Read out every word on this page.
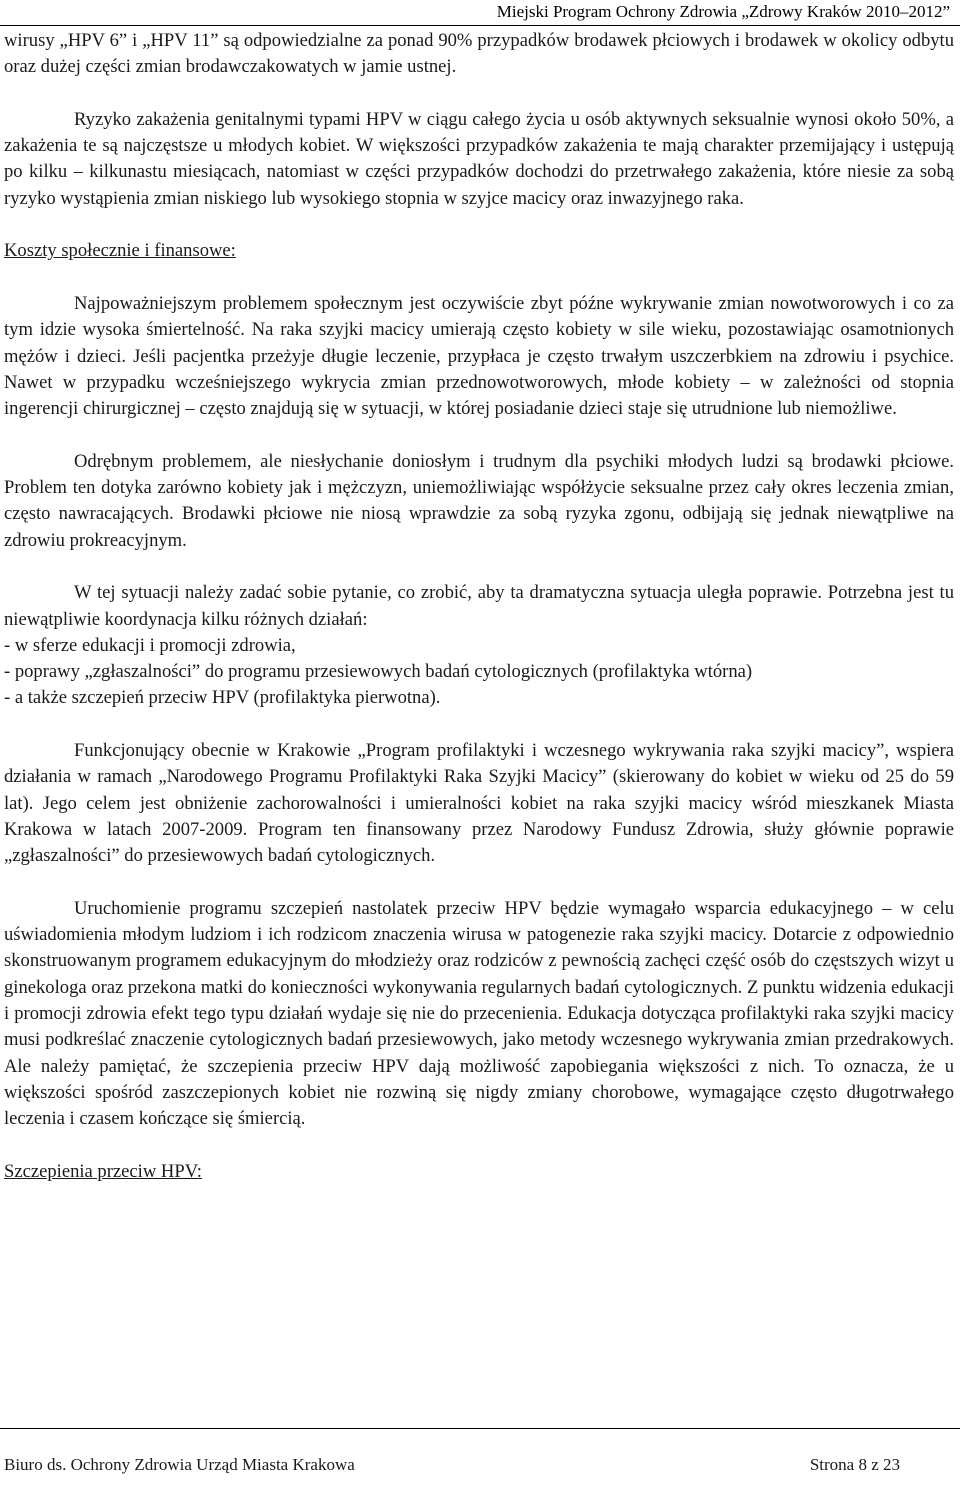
Miejski Program Ochrony Zdrowia „Zdrowy Kraków 2010–2012”

wirusy „HPV 6” i „HPV 11” są odpowiedzialne za ponad 90% przypadków brodawek płciowych i brodawek w okolicy odbytu oraz dużej części zmian brodawczakowatych w jamie ustnej.

Ryzyko zakażenia genitalnymi typami HPV w ciągu całego życia u osób aktywnych seksualnie wynosi około 50%, a zakażenia te są najczęstsze u młodych kobiet. W większości przypadków zakażenia te mają charakter przemijający i ustępują po kilku – kilkunastu miesiącach, natomiast w części przypadków dochodzi do przetrwałego zakażenia, które niesie za sobą ryzyko wystąpienia zmian niskiego lub wysokiego stopnia w szyjce macicy oraz inwazyjnego raka.

Koszty społecznie i finansowe:

Najpoważniejszym problemem społecznym jest oczywiście zbyt późne wykrywanie zmian nowotworowych i co za tym idzie wysoka śmiertelność. Na raka szyjki macicy umierają często kobiety w sile wieku, pozostawiając osamotnionych mężów i dzieci. Jeśli pacjentka przeżyje długie leczenie, przypłaca je często trwałym uszczerbkiem na zdrowiu i psychice. Nawet w przypadku wcześniejszego wykrycia zmian przednowotworowych, młode kobiety – w zależności od stopnia ingerencji chirurgicznej – często znajdują się w sytuacji, w której posiadanie dzieci staje się utrudnione lub niemożliwe.

Odrębnym problemem, ale niesłychanie doniosłym i trudnym dla psychiki młodych ludzi są brodawki płciowe. Problem ten dotyka zarówno kobiety jak i mężczyzn, uniemożliwiając współżycie seksualne przez cały okres leczenia zmian, często nawracających. Brodawki płciowe nie niosą wprawdzie za sobą ryzyka zgonu, odbijają się jednak niewątpliwe na zdrowiu prokreacyjnym.

W tej sytuacji należy zadać sobie pytanie, co zrobić, aby ta dramatyczna sytuacja uległa poprawie. Potrzebna jest tu niewątpliwie koordynacja kilku różnych działań:

- w sferze edukacji i promocji zdrowia,

- poprawy „zgłaszalności” do programu przesiewowych badań cytologicznych (profilaktyka wtórna)

- a także szczepień przeciw HPV (profilaktyka pierwotna).

Funkcjonujący obecnie w Krakowie „Program profilaktyki i wczesnego wykrywania raka szyjki macicy”, wspiera działania w ramach „Narodowego Programu Profilaktyki Raka Szyjki Macicy” (skierowany do kobiet w wieku od 25 do 59 lat). Jego celem jest obniżenie zachorowalności i umieralności kobiet na raka szyjki macicy wśród mieszkanek Miasta Krakowa w latach 2007-2009. Program ten finansowany przez Narodowy Fundusz Zdrowia, służy głównie poprawie „zgłaszalności” do przesiewowych badań cytologicznych.

Uruchomienie programu szczepień nastolatek przeciw HPV będzie wymagało wsparcia edukacyjnego – w celu uświadomienia młodym ludziom i ich rodzicom znaczenia wirusa w patogenezie raka szyjki macicy. Dotarcie z odpowiednio skonstruowanym programem edukacyjnym do młodzieży oraz rodziców z pewnością zachęci część osób do częstszych wizyt u ginekologa oraz przekona matki do konieczności wykonywania regularnych badań cytologicznych. Z punktu widzenia edukacji i promocji zdrowia efekt tego typu działań wydaje się nie do przecenienia. Edukacja dotycząca profilaktyki raka szyjki macicy musi podkreślać znaczenie cytologicznych badań przesiewowych, jako metody wczesnego wykrywania zmian przedrakowych. Ale należy pamiętać, że szczepienia przeciw HPV dają możliwość zapobiegania większości z nich. To oznacza, że u większości spośród zaszczepionych kobiet nie rozwiną się nigdy zmiany chorobowe, wymagające często długotrwałego leczenia i czasem kończące się śmiercią.

Szczepienia przeciw HPV:

Biuro ds. Ochrony Zdrowia Urząd Miasta Krakowa	Strona 8 z 23
